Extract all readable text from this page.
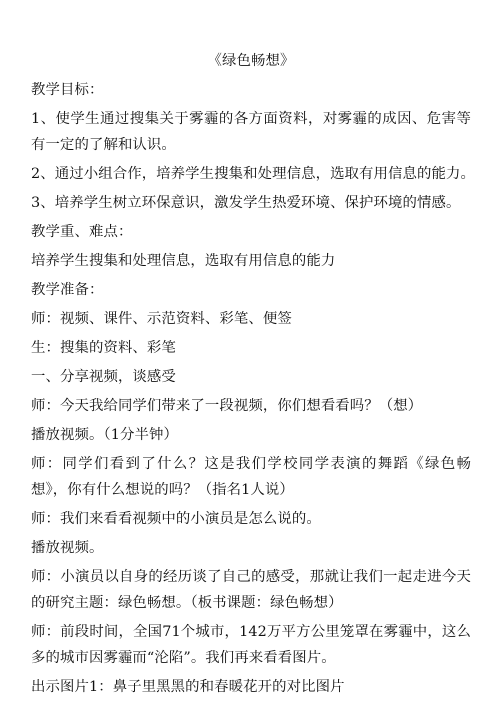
《绿色畅想》
教学目标：
1、使学生通过搜集关于雾霾的各方面资料，对雾霾的成因、危害等有一定的了解和认识。
2、通过小组合作，培养学生搜集和处理信息，选取有用信息的能力。
3、培养学生树立环保意识，激发学生热爱环境、保护环境的情感。
教学重、难点：
培养学生搜集和处理信息，选取有用信息的能力
教学准备：
师：视频、课件、示范资料、彩笔、便签
生：搜集的资料、彩笔
一、分享视频，谈感受
师：今天我给同学们带来了一段视频，你们想看看吗？（想）
播放视频。（1分半钟）
师：同学们看到了什么？这是我们学校同学表演的舞蹈《绿色畅想》，你有什么想说的吗？（指名1人说）
师：我们来看看视频中的小演员是怎么说的。
播放视频。
师：小演员以自身的经历谈了自己的感受，那就让我们一起走进今天的研究主题：绿色畅想。（板书课题：绿色畅想）
师：前段时间，全国71个城市，142万平方公里笼罩在雾霾中，这么多的城市因雾霾而“沦陷”。我们再来看看图片。
出示图片1：鼻子里黑黑的和春暖花开的对比图片
